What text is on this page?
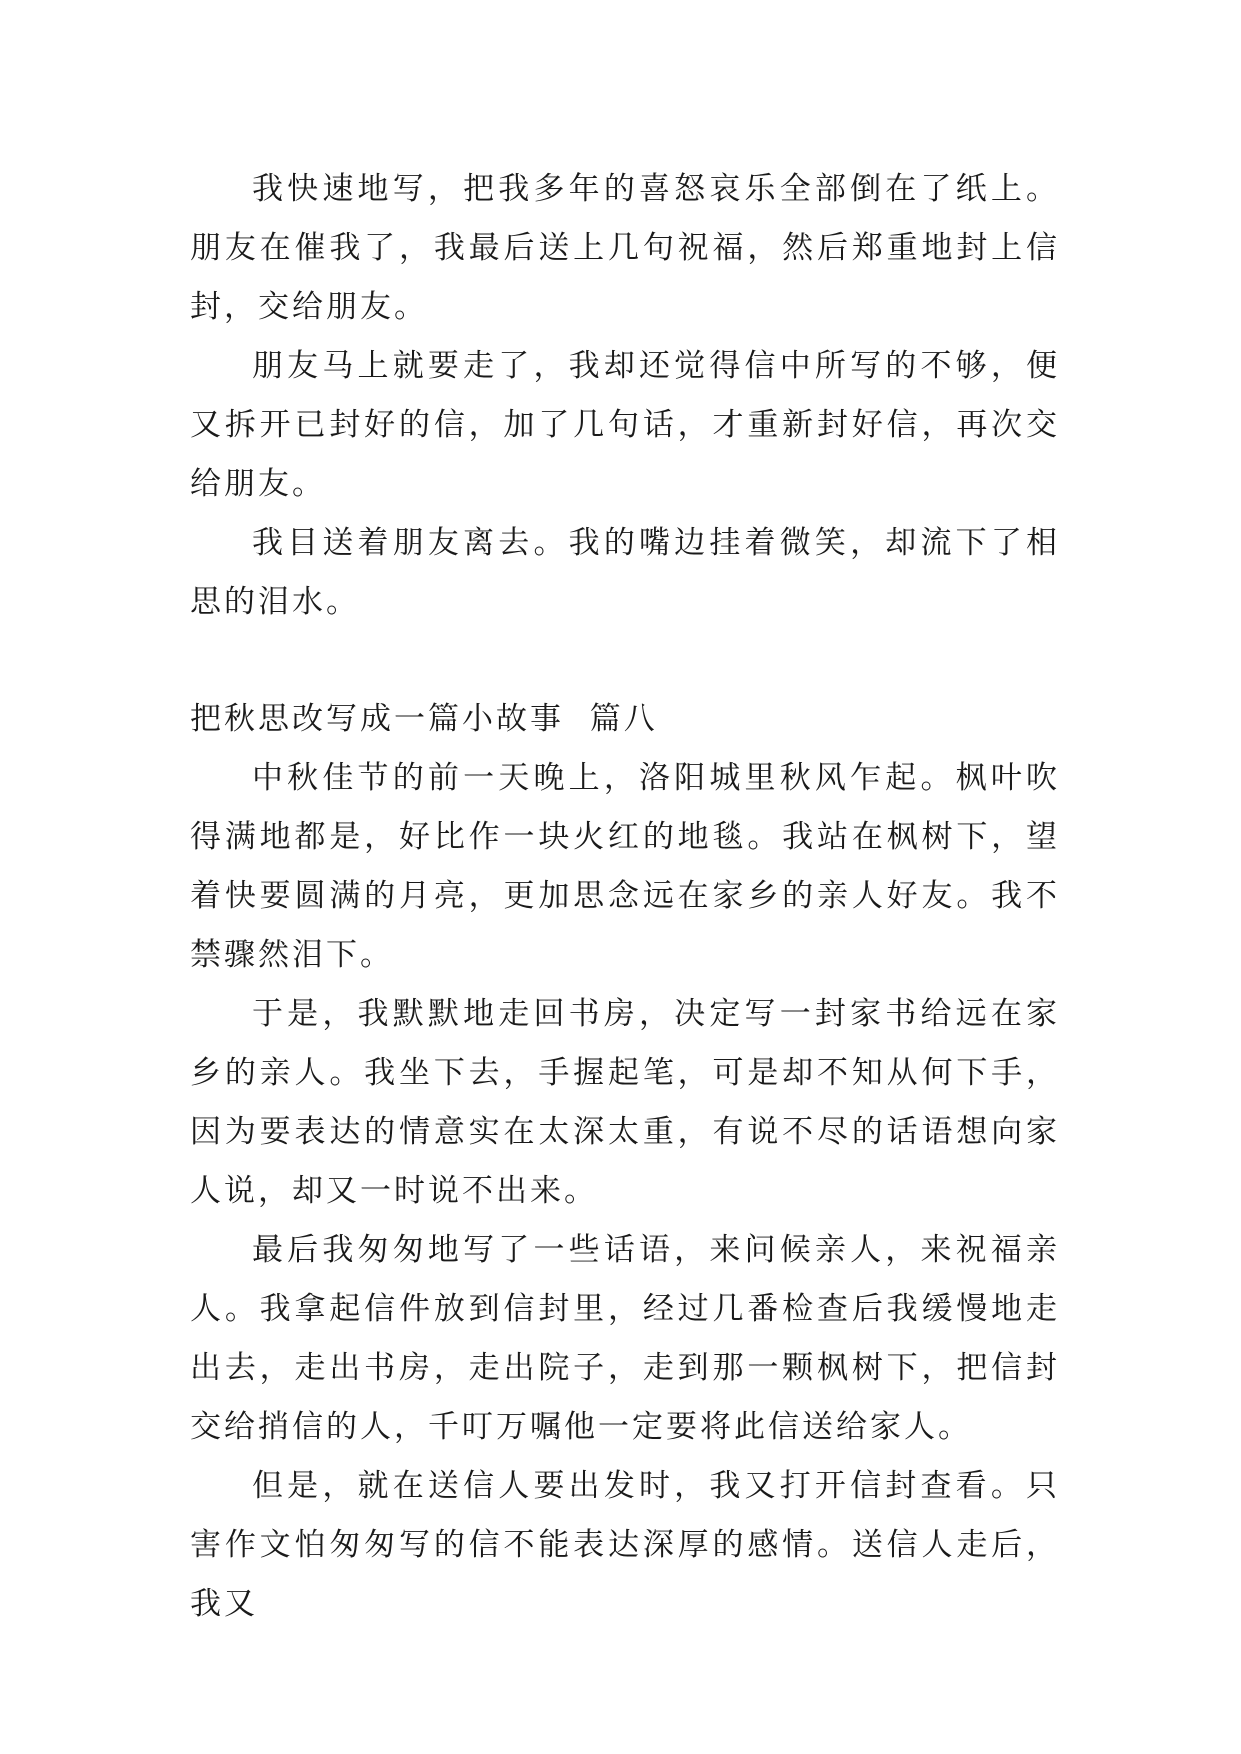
我快速地写，把我多年的喜怒哀乐全部倒在了纸上。朋友在催我了，我最后送上几句祝福，然后郑重地封上信封，交给朋友。

朋友马上就要走了，我却还觉得信中所写的不够，便又拆开已封好的信，加了几句话，才重新封好信，再次交给朋友。

我目送着朋友离去。我的嘴边挂着微笑，却流下了相思的泪水。

把秋思改写成一篇小故事  篇八

中秋佳节的前一天晚上，洛阳城里秋风乍起。枫叶吹得满地都是，好比作一块火红的地毯。我站在枫树下，望着快要圆满的月亮，更加思念远在家乡的亲人好友。我不禁骤然泪下。

于是，我默默地走回书房，决定写一封家书给远在家乡的亲人。我坐下去，手握起笔，可是却不知从何下手，因为要表达的情意实在太深太重，有说不尽的话语想向家人说，却又一时说不出来。

最后我匆匆地写了一些话语，来问候亲人，来祝福亲人。我拿起信件放到信封里，经过几番检查后我缓慢地走出去，走出书房，走出院子，走到那一颗枫树下，把信封交给捎信的人，千叮万嘱他一定要将此信送给家人。

但是，就在送信人要出发时，我又打开信封查看。只害作文怕匆匆写的信不能表达深厚的感情。送信人走后，我又
